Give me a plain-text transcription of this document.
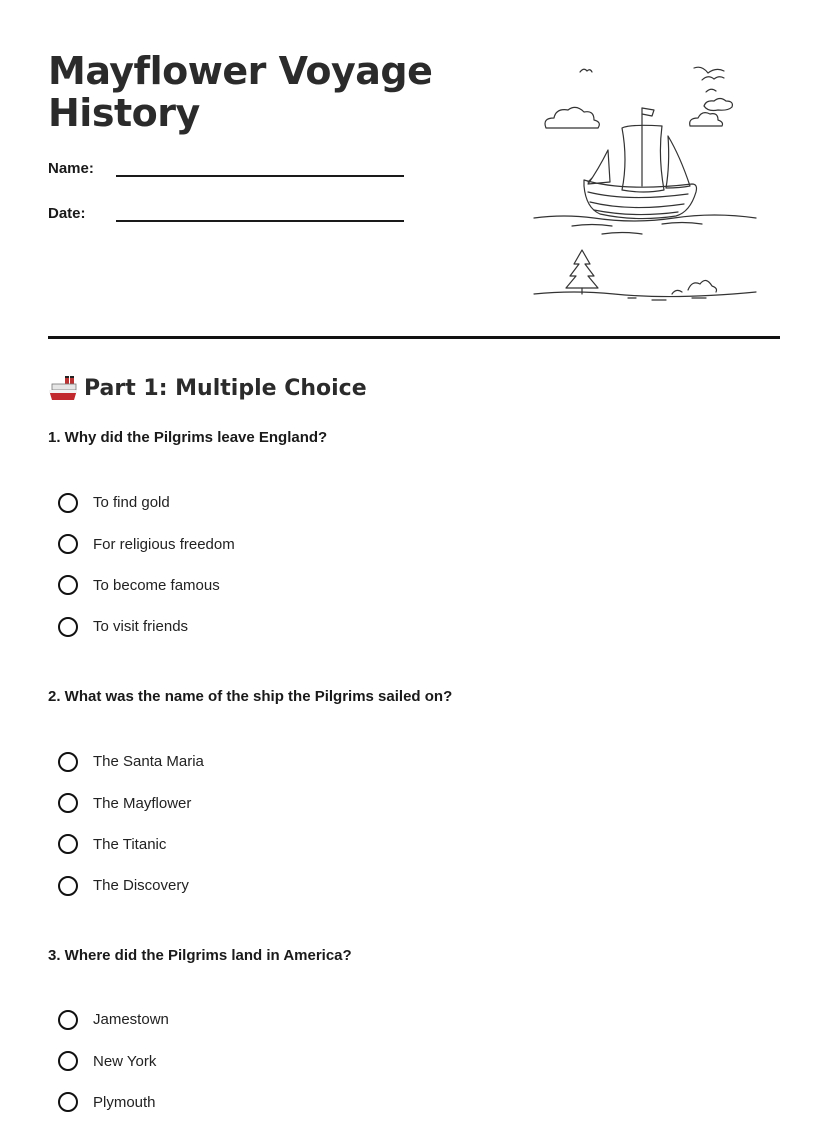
Mayflower Voyage History
Name:
Date:
Part 1: Multiple Choice
1. Why did the Pilgrims leave England?
To find gold
For religious freedom
To become famous
To visit friends
2. What was the name of the ship the Pilgrims sailed on?
The Santa Maria
The Mayflower
The Titanic
The Discovery
3. Where did the Pilgrims land in America?
Jamestown
New York
Plymouth
